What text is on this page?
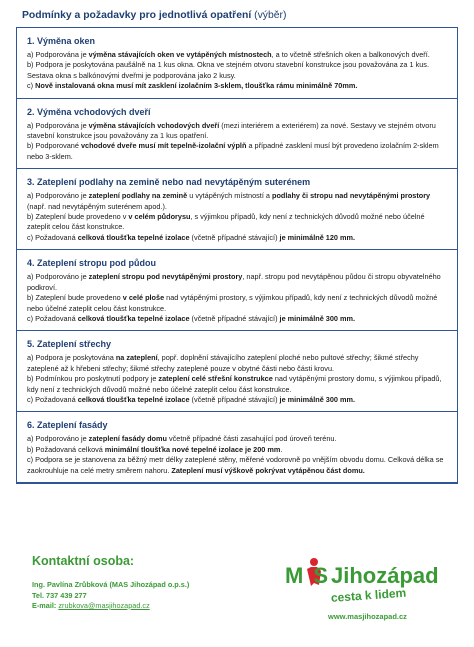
Podmínky a požadavky pro jednotlivá opatření (výběr)
1. Výměna oken

a) Podporována je výměna stávajících oken ve vytápěných místnostech, a to včetně střešních oken a balkonových dveří.

b) Podpora je poskytována paušálně na 1 kus okna. Okna ve stejném otvoru stavební konstrukce jsou považována za 1 kus. Sestava okna s balkónovými dveřmi je podporována jako 2 kusy.

c) Nově instalovaná okna musí mít zasklení izolačním 3-sklem, tloušťka rámu minimálně 70mm.

2. Výměna vchodových dveří

a) Podporována je výměna stávajících vchodových dveří (mezi interiérem a exteriérem) za nové. Sestavy ve stejném otvoru stavební konstrukce jsou považovány za 1 kus opatření.

b) Podporované vchodové dveře musí mít tepelně-izolační výplň a případné zasklení musí být provedeno izolačním 2-sklem nebo 3-sklem.

3. Zateplení podlahy na zemině nebo nad nevytápěným suterénem

a) Podporováno je zateplení podlahy na zemině u vytápěných místností a podlahy či stropu nad nevytápěnými prostory (např. nad nevytápěným suterénem apod.).

b) Zateplení bude provedeno v v celém půdorysu, s výjimkou případů, kdy není z technických důvodů možné nebo účelné zateplit celou část konstrukce.

c) Požadovaná celková tloušťka tepelné izolace (včetně případné stávající) je minimálně 120 mm.

4. Zateplení stropu pod půdou

a) Podporováno je zateplení stropu pod nevytápěnými prostory, např. stropu pod nevytápěnou půdou či stropu obyvatelného podkroví.

b) Zateplení bude provedeno v celé ploše nad vytápěnými prostory, s výjimkou případů, kdy není z technických důvodů možné nebo účelné zateplit celou část konstrukce.

c) Požadovaná celková tloušťka tepelné izolace (včetně případné stávající) je minimálně 300 mm.

5. Zateplení střechy

a) Podpora je poskytována na zateplení, popř. doplnění stávajícího zateplení ploché nebo pultové střechy; šikmé střechy zateplené až k hřebeni střechy; šikmé střechy zateplené pouze v obytné části nebo části krovu.

b) Podmínkou pro poskytnutí podpory je zateplení celé střešní konstrukce nad vytápěnými prostory domu, s výjimkou případů, kdy není z technických důvodů možné nebo účelné zateplit celou část konstrukce.

c) Požadovaná celková tloušťka tepelné izolace (včetně případné stávající) je minimálně 300 mm.

6. Zateplení fasády

a) Podporováno je zateplení fasády domu včetně případné části zasahující pod úroveň terénu.

b) Požadovaná celková minimální tloušťka nové tepelné izolace je 200 mm.

c) Podpora se je stanovena za běžný metr délky zateplené stěny, měřené vodorovně po vnějším obvodu domu. Celková délka se zaokrouhluje na celé metry směrem nahoru. Zateplení musí výškově pokrývat vytápěnou část domu.

Kontaktní osoba:
Ing. Pavlína Zrůbková (MAS Jihozápad o.p.s.)
Tel. 737 439 277
E-mail: zrubkova@masjihozapad.cz
M S Jihozápad
cesta k lidem
www.masjihozapad.cz
